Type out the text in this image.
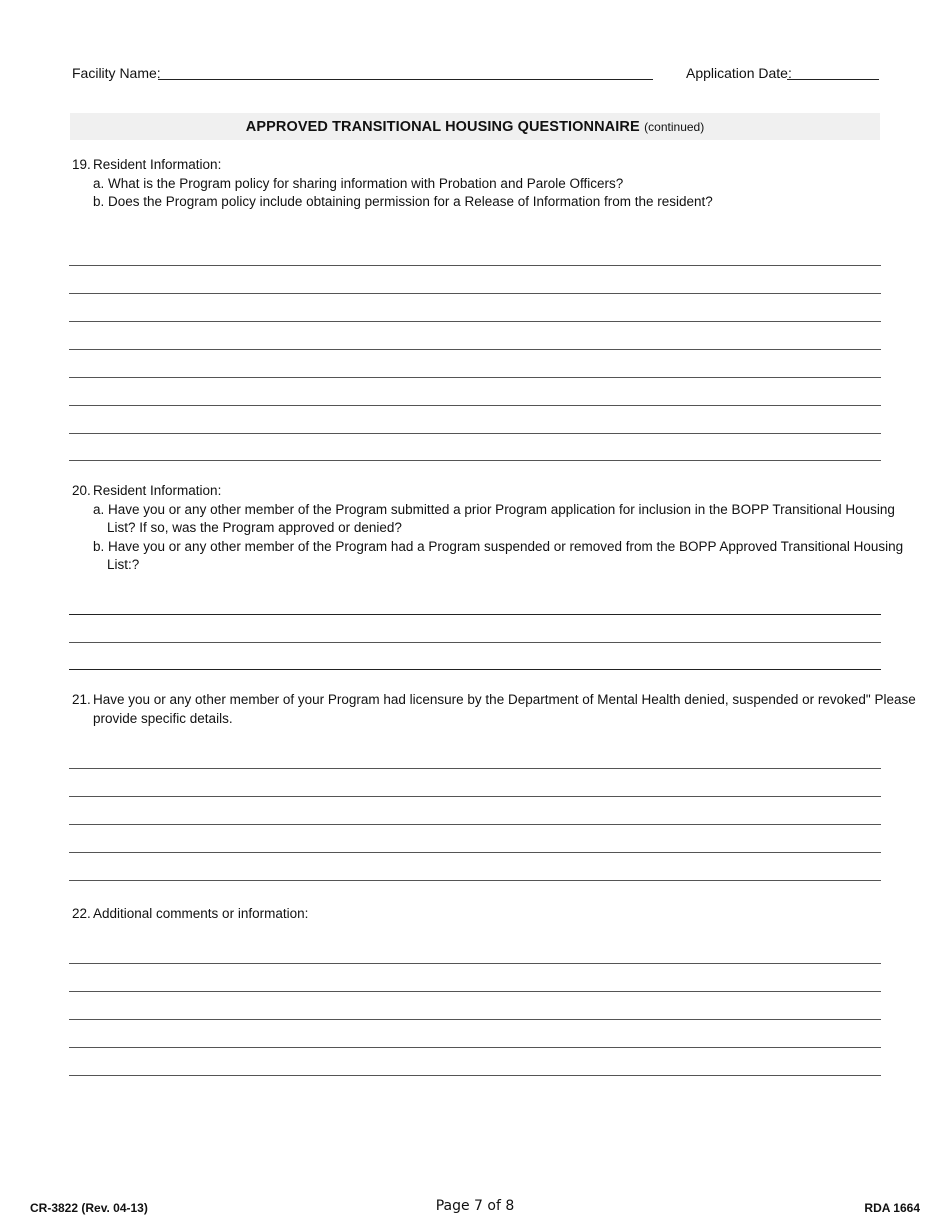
Facility Name:	Application Date:
APPROVED TRANSITIONAL HOUSING QUESTIONNAIRE (continued)
19. Resident Information:
a. What is the Program policy for sharing information with Probation and Parole Officers?
b. Does the Program policy include obtaining permission for a Release of Information from the resident?
20. Resident Information:
a. Have you or any other member of the Program submitted a prior Program application for inclusion in the BOPP Transitional Housing
List? If so, was the Program approved or denied?
b. Have you or any other member of the Program had a Program suspended or removed from the BOPP Approved Transitional Housing
List:?
21. Have you or any other member of your Program had licensure by the Department of Mental Health denied, suspended or revoked" Please
provide specific details.
22. Additional comments or information:
CR-3822 (Rev. 04-13)	Page 7 of 8	RDA 1664
